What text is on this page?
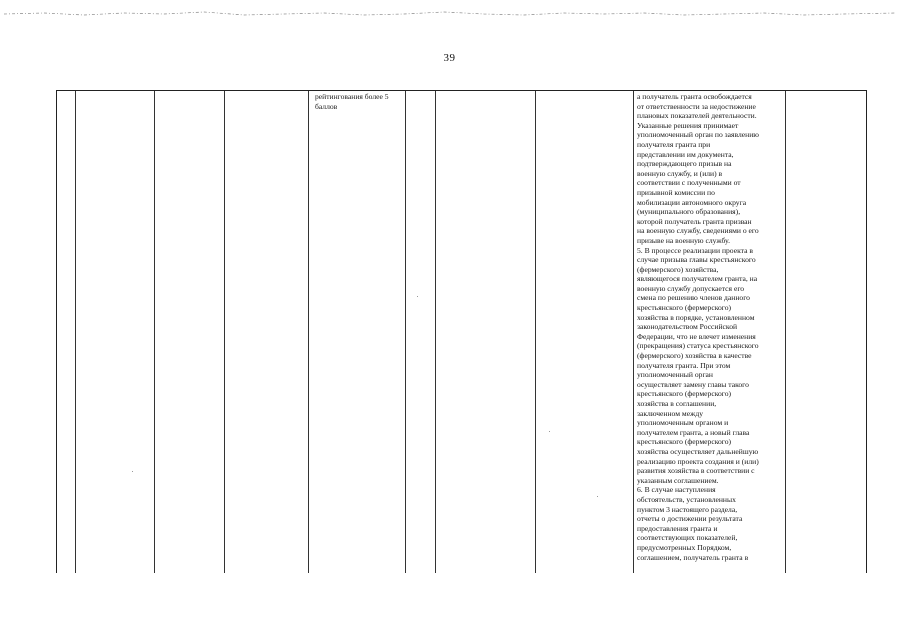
39

рейтингования более 5
баллов

а получатель гранта освобождается
от ответственности за недостижение
плановых показателей деятельности.
Указанные решения принимает
уполномоченный орган по заявлению
получателя гранта при
представлении им документа,
подтверждающего призыв на
военную службу, и (или) в
соответствии с полученными от
призывной комиссии по
мобилизации автономного округа
(муниципального образования),
которой получатель гранта призван
на военную службу, сведениями о его
призыве на военную службу.
5. В процессе реализации проекта в
случае призыва главы крестьянского
(фермерского) хозяйства,
являющегося получателем гранта, на
военную службу допускается его
смена по решению членов данного
крестьянского (фермерского)
хозяйства в порядке, установленном
законодательством Российской
Федерации, что не влечет изменения
(прекращения) статуса крестьянского
(фермерского) хозяйства в качестве
получателя гранта. При этом
уполномоченный орган
осуществляет замену главы такого
крестьянского (фермерского)
хозяйства в соглашении,
заключенном между
уполномоченным органом и
получателем гранта, а новый глава
крестьянского (фермерского)
хозяйства осуществляет дальнейшую
реализацию проекта создания и (или)
развития хозяйства в соответствии с
указанным соглашением.
6. В случае наступления
обстоятельств, установленных
пунктом 3 настоящего раздела,
отчеты о достижении результата
предоставления гранта и
соответствующих показателей,
предусмотренных Порядком,
соглашением, получатель гранта в
